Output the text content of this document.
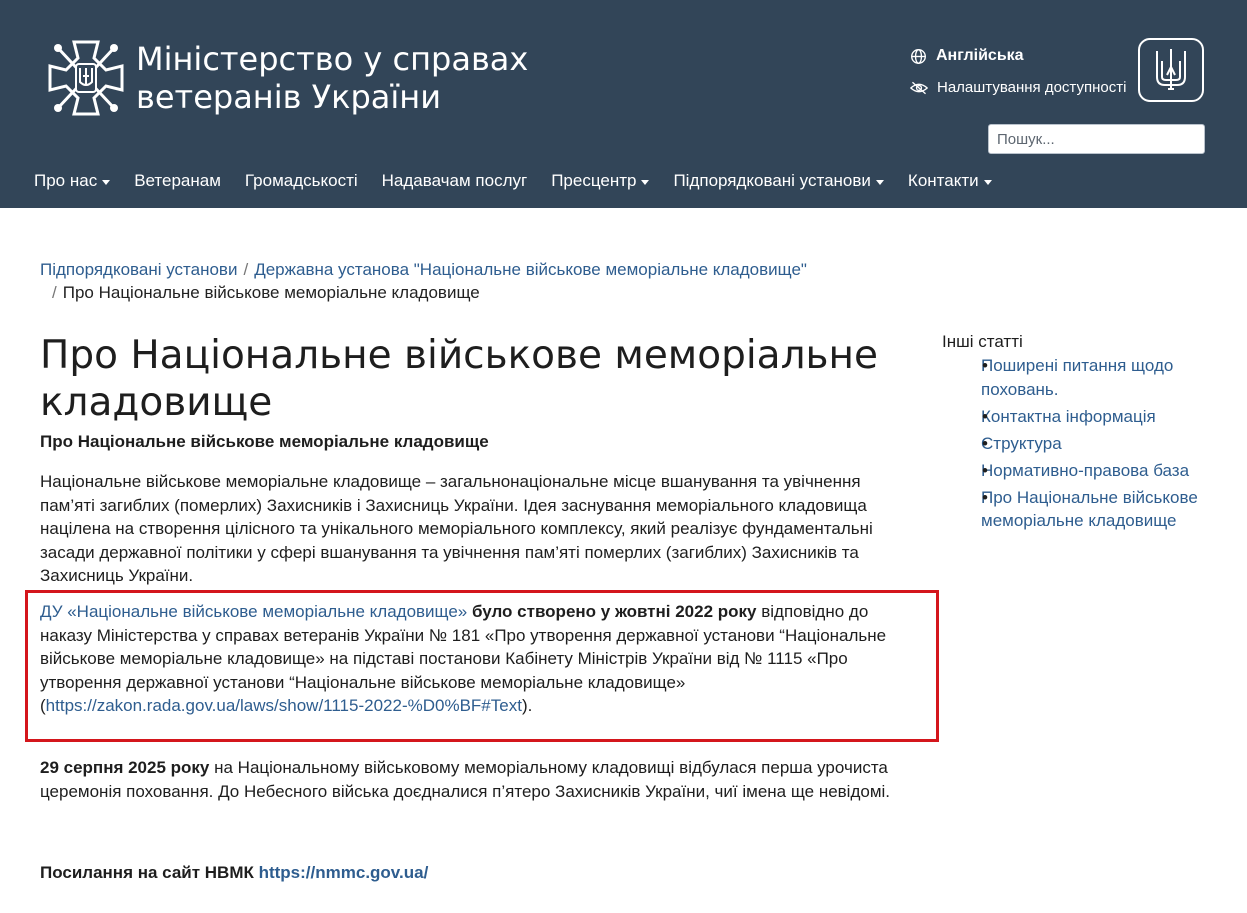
Міністерство у справах ветеранів України
Англійська
Налаштування доступності
Пошук...
Про нас Ветеранам Громадськості Надавачам послуг Пресцентр Підпорядковані установи Контакти
Підпорядковані установи / Державна установа "Національне військове меморіальне кладовище"
/ Про Національне військове меморіальне кладовище
Про Національне військове меморіальне кладовище
Про Національне військове меморіальне кладовище

Національне військове меморіальне кладовище – загальнонаціональне місце вшанування та увічнення пам’яті загиблих (померлих) Захисників і Захисниць України. Ідея заснування меморіального кладовища націлена на створення цілісного та унікального меморіального комплексу, який реалізує фундаментальні засади державної політики у сфері вшанування та увічнення пам’яті померлих (загиблих) Захисників та Захисниць України.

ДУ «Національне військове меморіальне кладовище» було створено у жовтні 2022 року відповідно до наказу Міністерства у справах ветеранів України № 181 «Про утворення державної установи “Національне військове меморіальне кладовище» на підставі постанови Кабінету Міністрів України від № 1115 «Про утворення державної установи “Національне військове меморіальне кладовище» (https://zakon.rada.gov.ua/laws/show/1115-2022-%D0%BF#Text).

29 серпня 2025 року на Національному військовому меморіальному кладовищі відбулася перша урочиста церемонія поховання. До Небесного війська доєдналися п’ятеро Захисників України, чиї імена ще невідомі.

Посилання на сайт НВМК https://nmmc.gov.ua/

Інші статті
• Поширені питання щодо поховань.
• Контактна інформація
• Структура
• Нормативно-правова база
• Про Національне військове меморіальне кладовище
